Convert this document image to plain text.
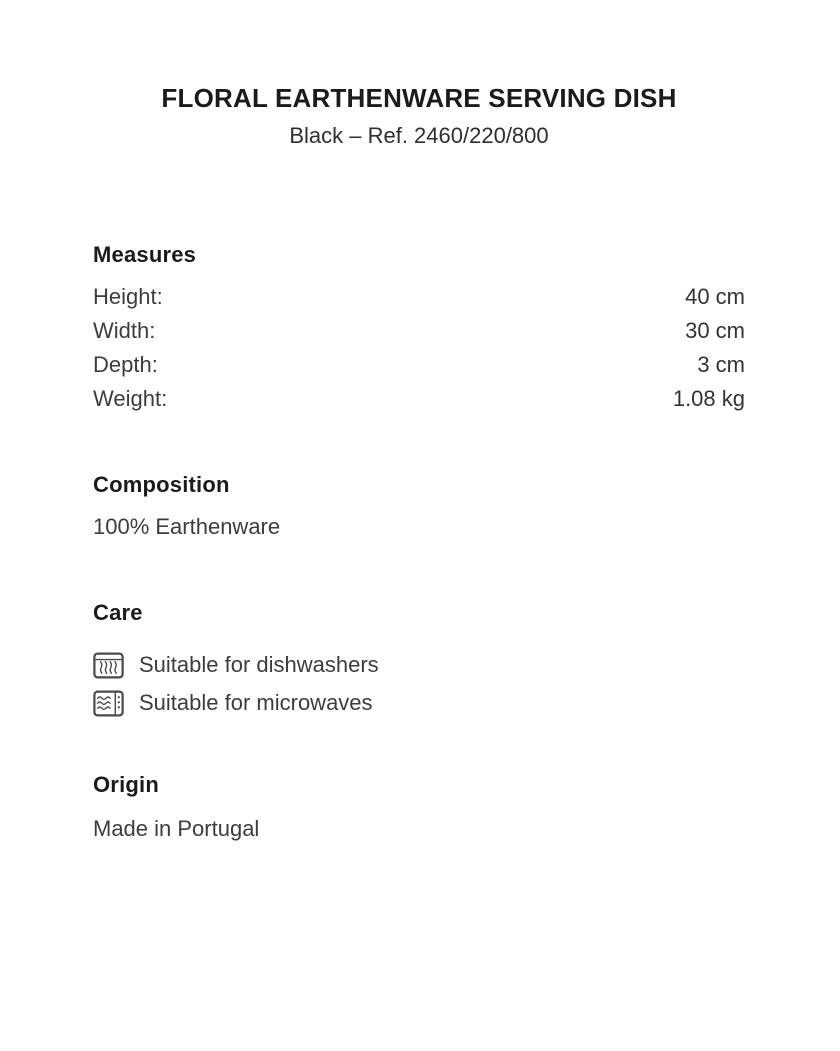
FLORAL EARTHENWARE SERVING DISH
Black – Ref. 2460/220/800
Measures
Height:	40 cm
Width:	30 cm
Depth:	3 cm
Weight:	1.08 kg
Composition

100% Earthenware

Care
Suitable for dishwashers
Suitable for microwaves
Origin

Made in Portugal
